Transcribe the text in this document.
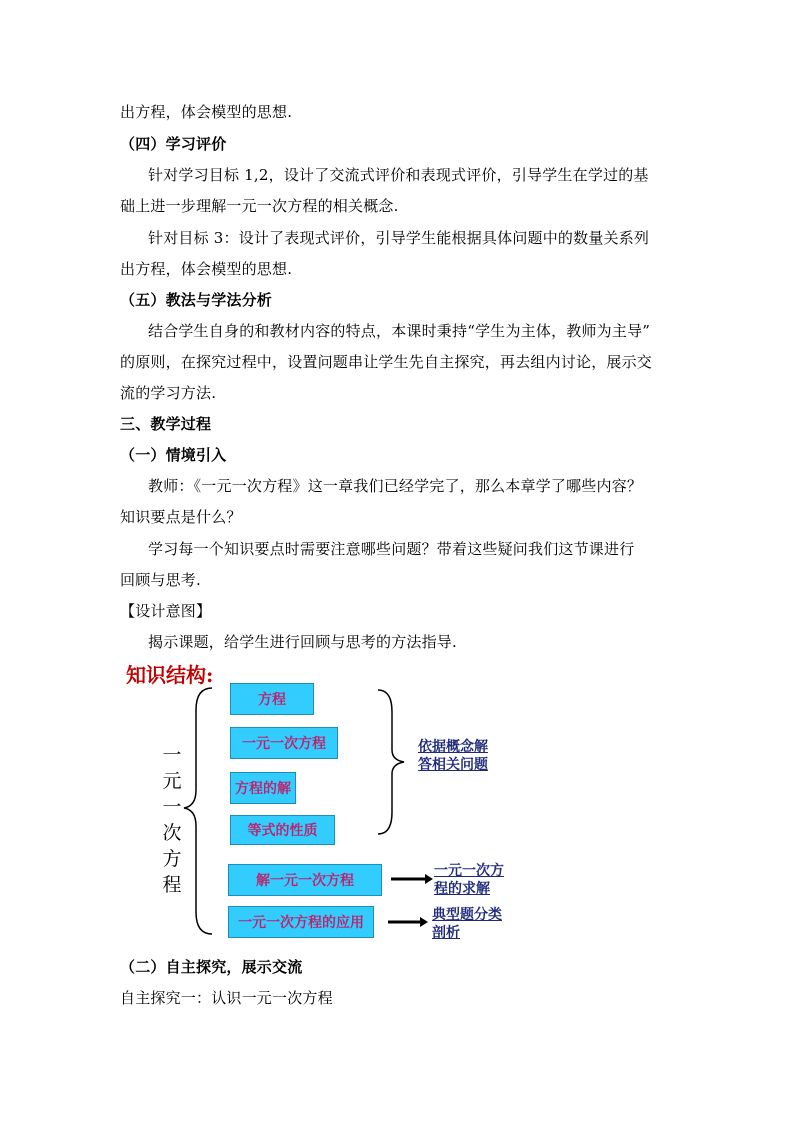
出方程，体会模型的思想.
（四）学习评价
针对学习目标 1,2，设计了交流式评价和表现式评价，引导学生在学过的基
础上进一步理解一元一次方程的相关概念.
针对目标 3：设计了表现式评价，引导学生能根据具体问题中的数量关系列
出方程，体会模型的思想.
（五）教法与学法分析
结合学生自身的和教材内容的特点，本课时秉持“学生为主体，教师为主导”
的原则，在探究过程中，设置问题串让学生先自主探究，再去组内讨论，展示交
流的学习方法.
三、教学过程
（一）情境引入
教师：《一元一次方程》这一章我们已经学完了，那么本章学了哪些内容？
知识要点是什么？
学习每一个知识要点时需要注意哪些问题？带着这些疑问我们这节课进行
回顾与思考.
【设计意图】
揭示课题，给学生进行回顾与思考的方法指导.
知识结构:
一
元
一
次
方
程
方程
一元一次方程
方程的解
等式的性质
解一元一次方程
一元一次方程的应用
依据概念解
答相关问题
一元一次方
程的求解
典型题分类
剖析
（二）自主探究，展示交流
自主探究一：认识一元一次方程
